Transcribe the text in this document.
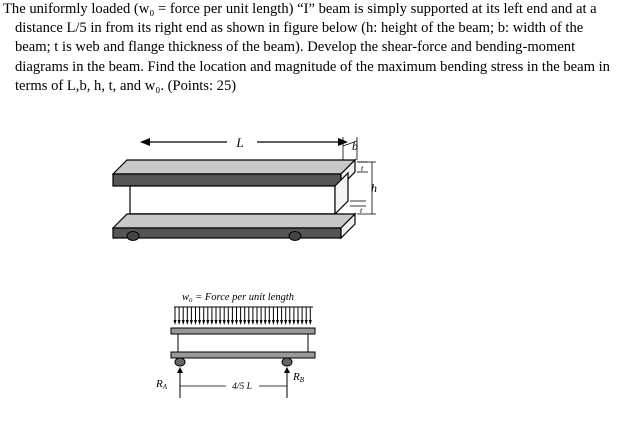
The uniformly loaded (w₀ = force per unit length) “I” beam is simply supported at its left end and at a
distance L/5 in from its right end as shown in figure below (h: height of the beam; b: width of the
beam; t is web and flange thickness of the beam). Develop the shear-force and bending-moment
diagrams in the beam. Find the location and magnitude of the maximum bending stress in the beam in
terms of L,b, h, t, and w₀. (Points: 25)
L	b
t
t
h
wo = Force per unit length
RA
RB
4/5 L
